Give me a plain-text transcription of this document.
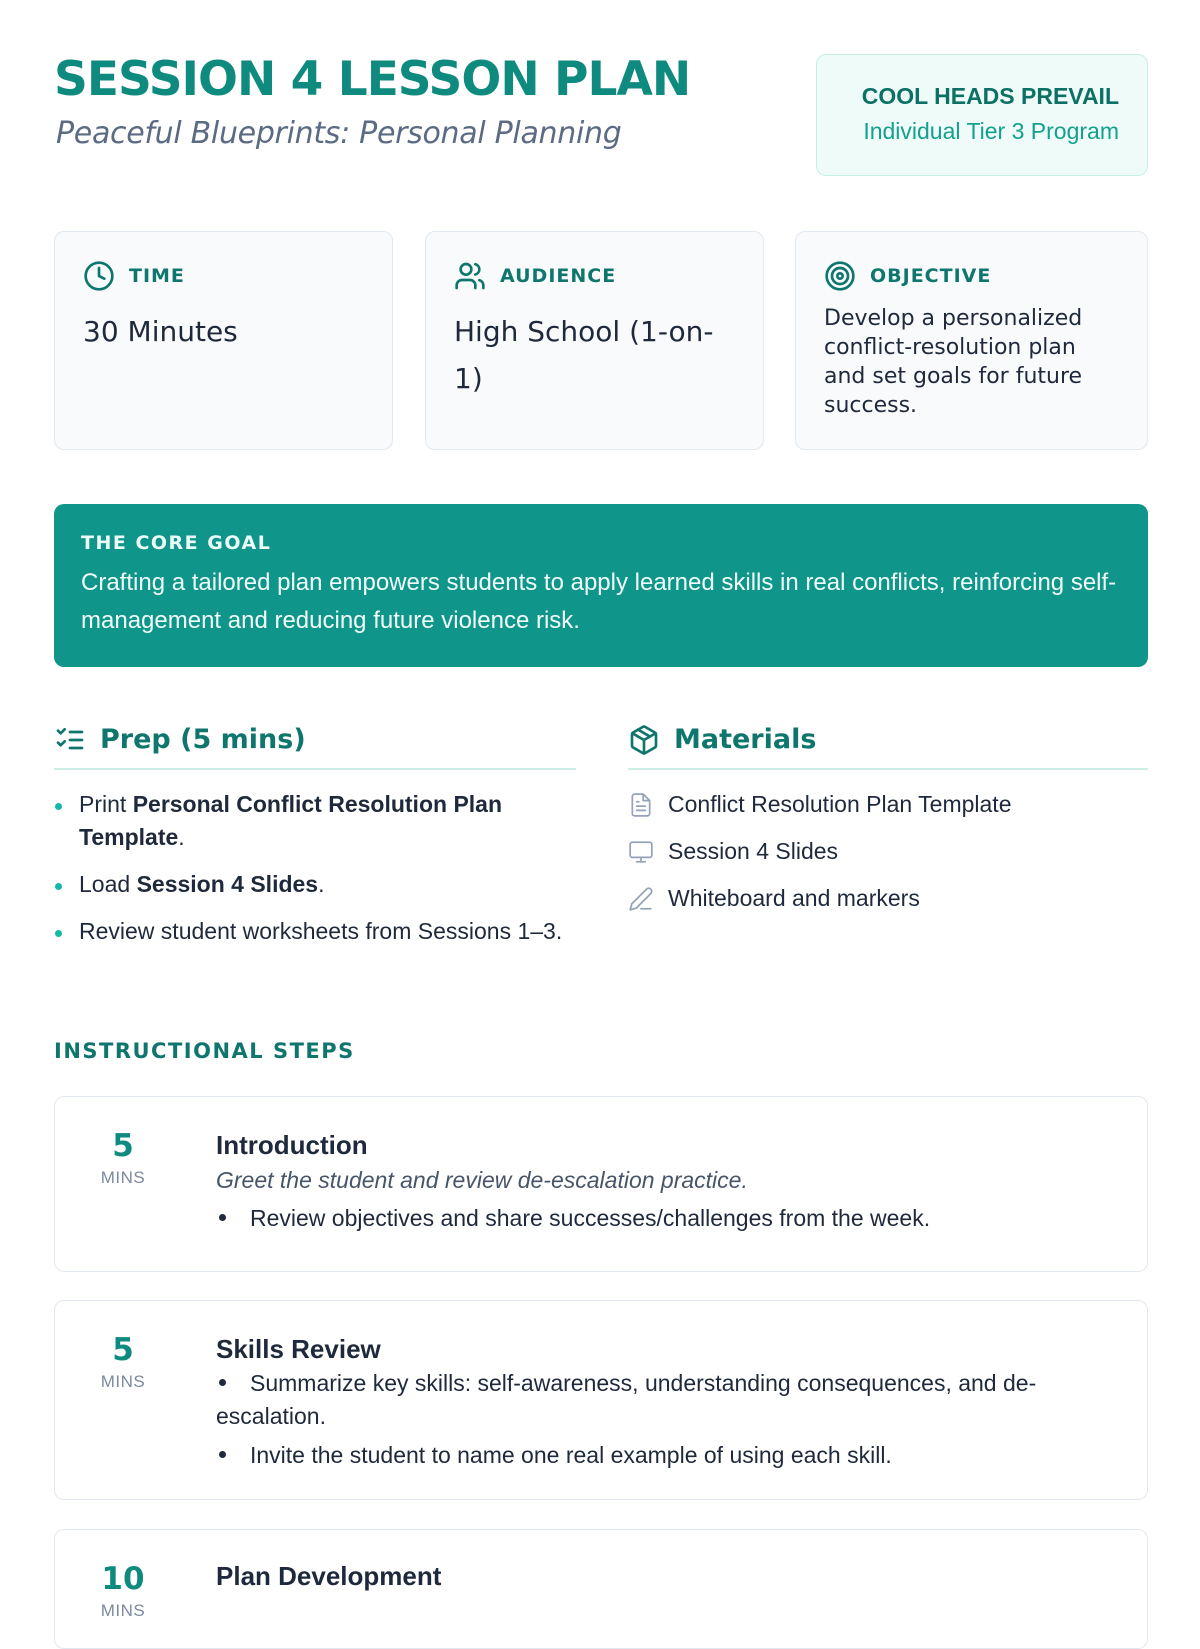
SESSION 4 LESSON PLAN
Peaceful Blueprints: Personal Planning
COOL HEADS PREVAIL
Individual Tier 3 Program
TIME
30 Minutes
AUDIENCE
High School (1-on-1)
OBJECTIVE
Develop a personalized conflict-resolution plan and set goals for future success.
THE CORE GOAL
Crafting a tailored plan empowers students to apply learned skills in real conflicts, reinforcing self-management and reducing future violence risk.
Prep (5 mins)
Print Personal Conflict Resolution Plan Template.
Load Session 4 Slides.
Review student worksheets from Sessions 1–3.
Materials
Conflict Resolution Plan Template
Session 4 Slides
Whiteboard and markers
INSTRUCTIONAL STEPS
5
MINS
Introduction
Greet the student and review de-escalation practice.
Review objectives and share successes/challenges from the week.
5
MINS
Skills Review
Summarize key skills: self-awareness, understanding consequences, and de-escalation.
Invite the student to name one real example of using each skill.
10
MINS
Plan Development
